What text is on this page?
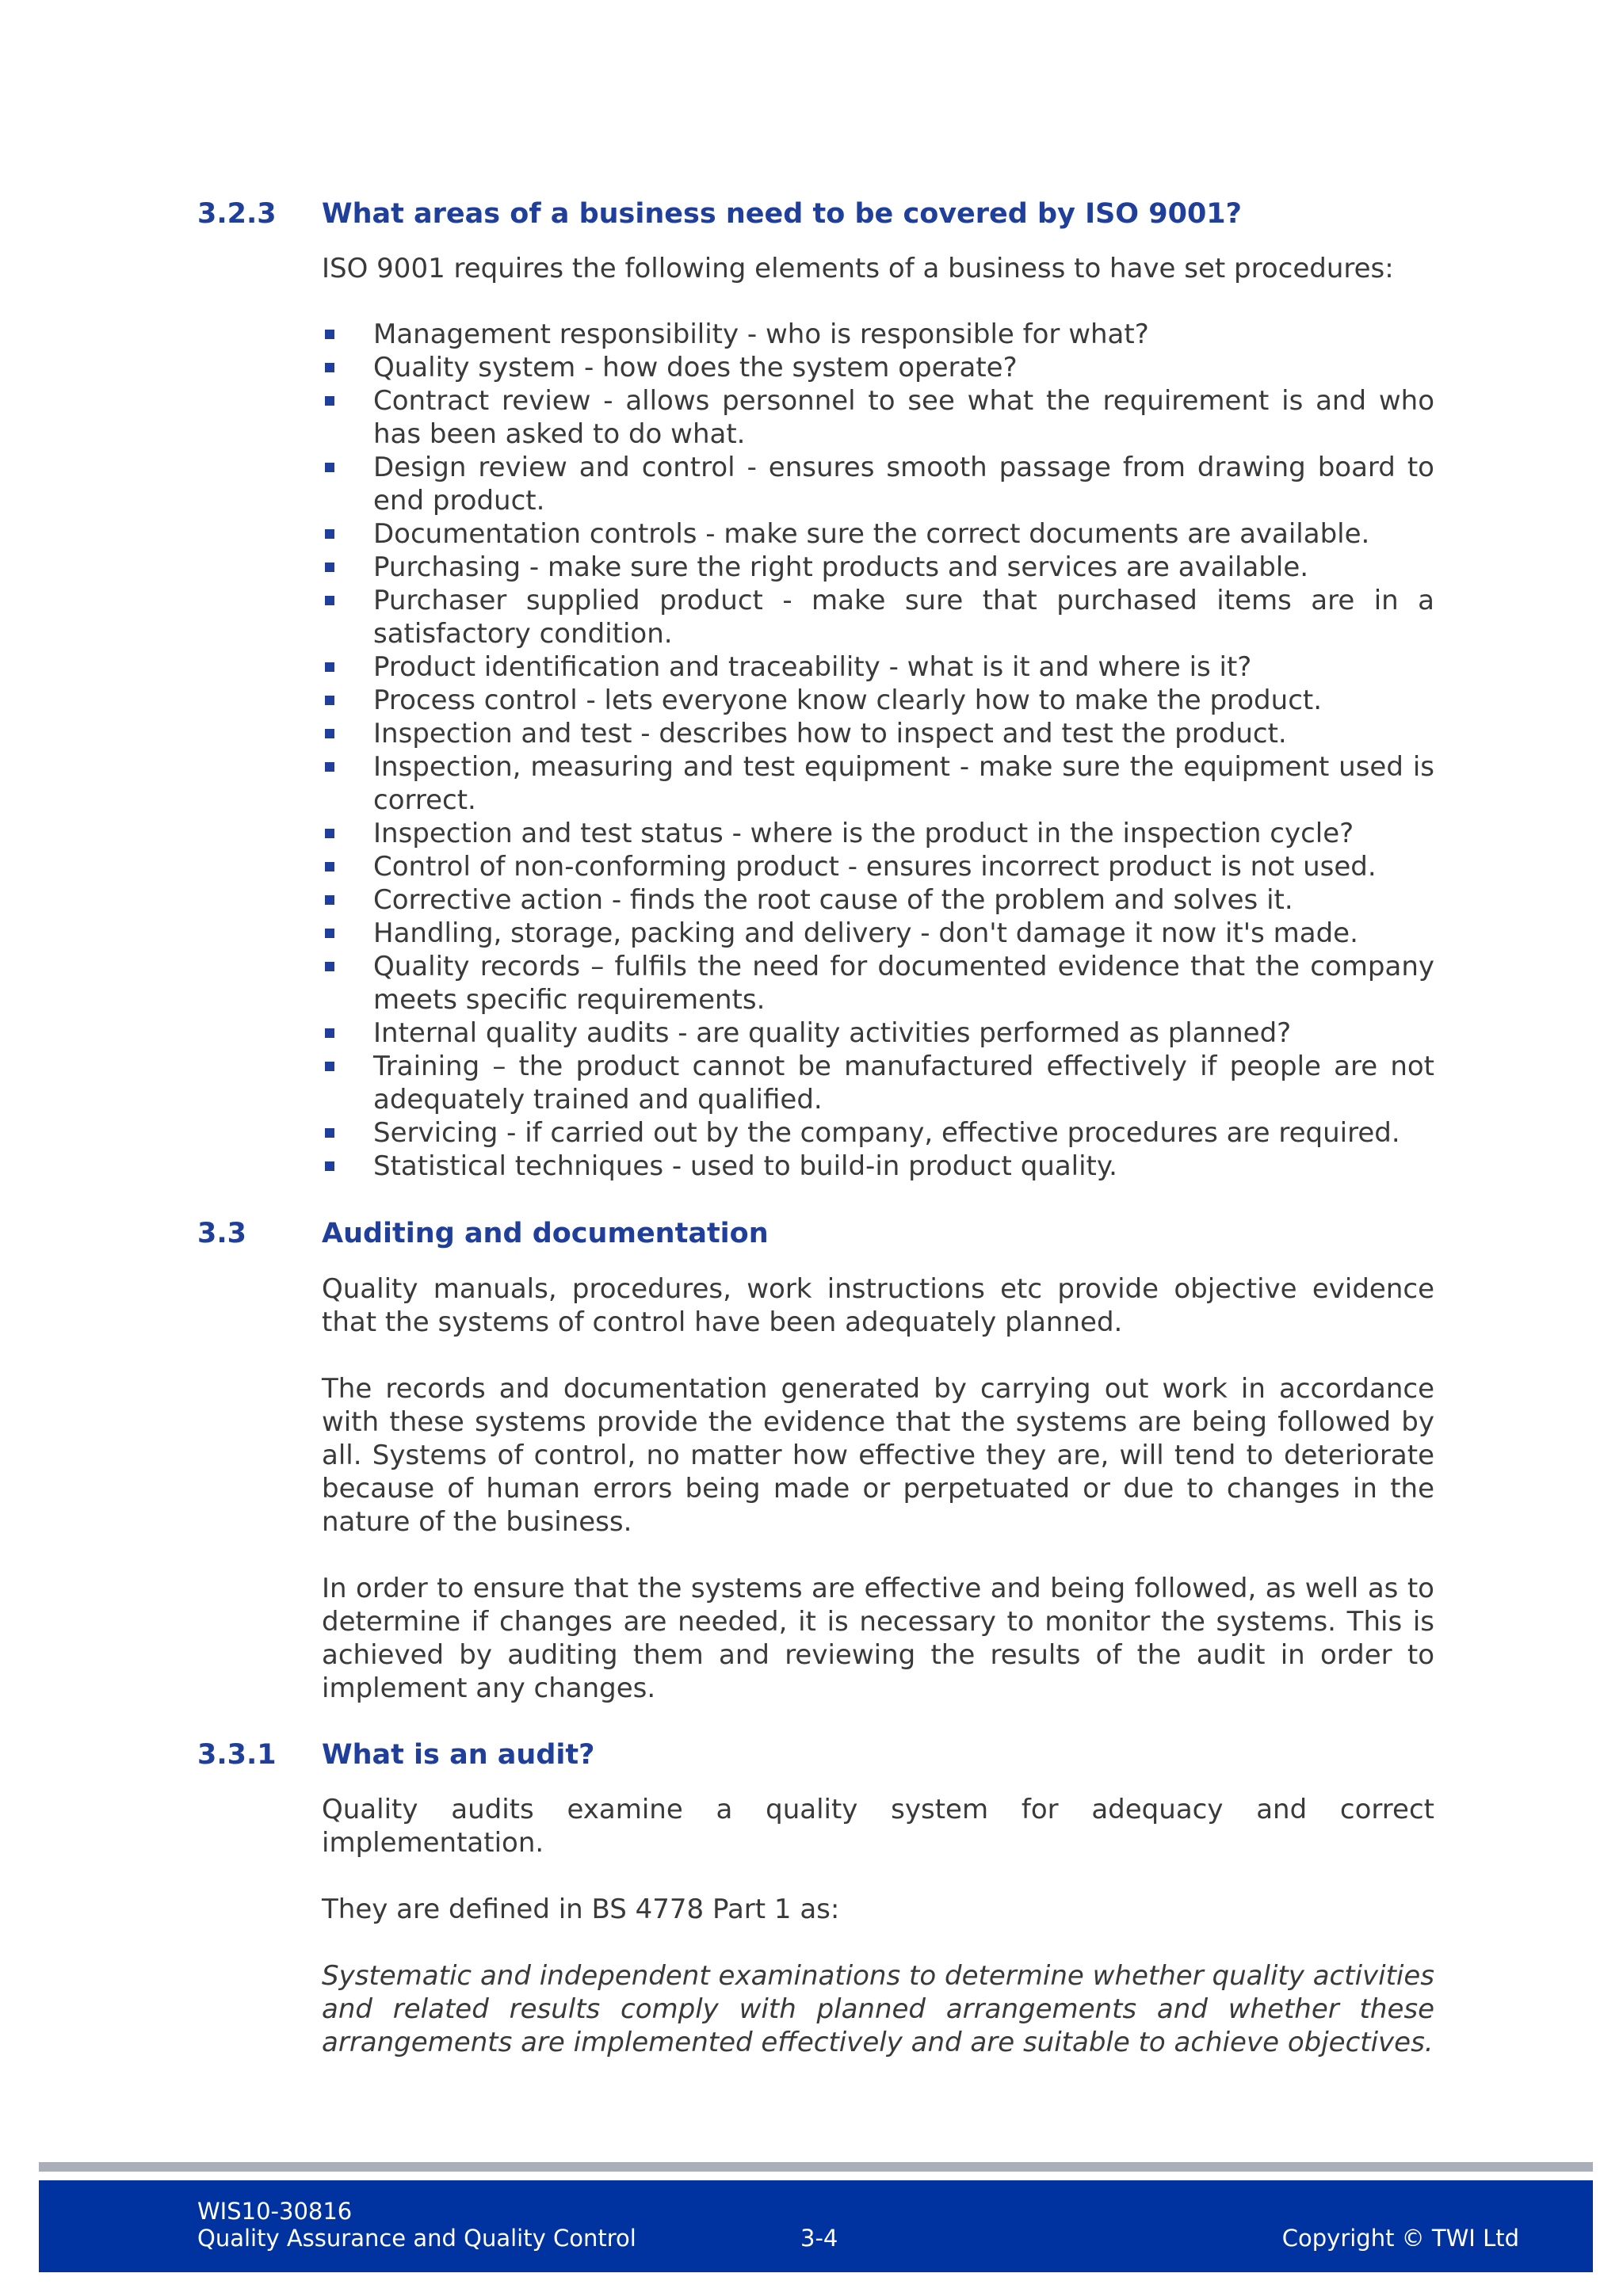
3.2.3 What areas of a business need to be covered by ISO 9001?
ISO 9001 requires the following elements of a business to have set procedures:
Management responsibility - who is responsible for what?
Quality system - how does the system operate?
Contract review - allows personnel to see what the requirement is and who has been asked to do what.
Design review and control - ensures smooth passage from drawing board to end product.
Documentation controls - make sure the correct documents are available.
Purchasing - make sure the right products and services are available.
Purchaser supplied product - make sure that purchased items are in a satisfactory condition.
Product identification and traceability - what is it and where is it?
Process control - lets everyone know clearly how to make the product.
Inspection and test - describes how to inspect and test the product.
Inspection, measuring and test equipment - make sure the equipment used is correct.
Inspection and test status - where is the product in the inspection cycle?
Control of non-conforming product - ensures incorrect product is not used.
Corrective action - finds the root cause of the problem and solves it.
Handling, storage, packing and delivery - don't damage it now it's made.
Quality records – fulfils the need for documented evidence that the company meets specific requirements.
Internal quality audits - are quality activities performed as planned?
Training – the product cannot be manufactured effectively if people are not adequately trained and qualified.
Servicing - if carried out by the company, effective procedures are required.
Statistical techniques - used to build-in product quality.
3.3	Auditing and documentation
Quality manuals, procedures, work instructions etc provide objective evidence that the systems of control have been adequately planned.
The records and documentation generated by carrying out work in accordance with these systems provide the evidence that the systems are being followed by all. Systems of control, no matter how effective they are, will tend to deteriorate because of human errors being made or perpetuated or due to changes in the nature of the business.
In order to ensure that the systems are effective and being followed, as well as to determine if changes are needed, it is necessary to monitor the systems. This is achieved by auditing them and reviewing the results of the audit in order to implement any changes.
3.3.1 What is an audit?
Quality audits examine a quality system for adequacy and correct implementation.
They are defined in BS 4778 Part 1 as:
Systematic and independent examinations to determine whether quality activities and related results comply with planned arrangements and whether these arrangements are implemented effectively and are suitable to achieve objectives.
WIS10-30816
Quality Assurance and Quality Control	3-4	Copyright © TWI Ltd
